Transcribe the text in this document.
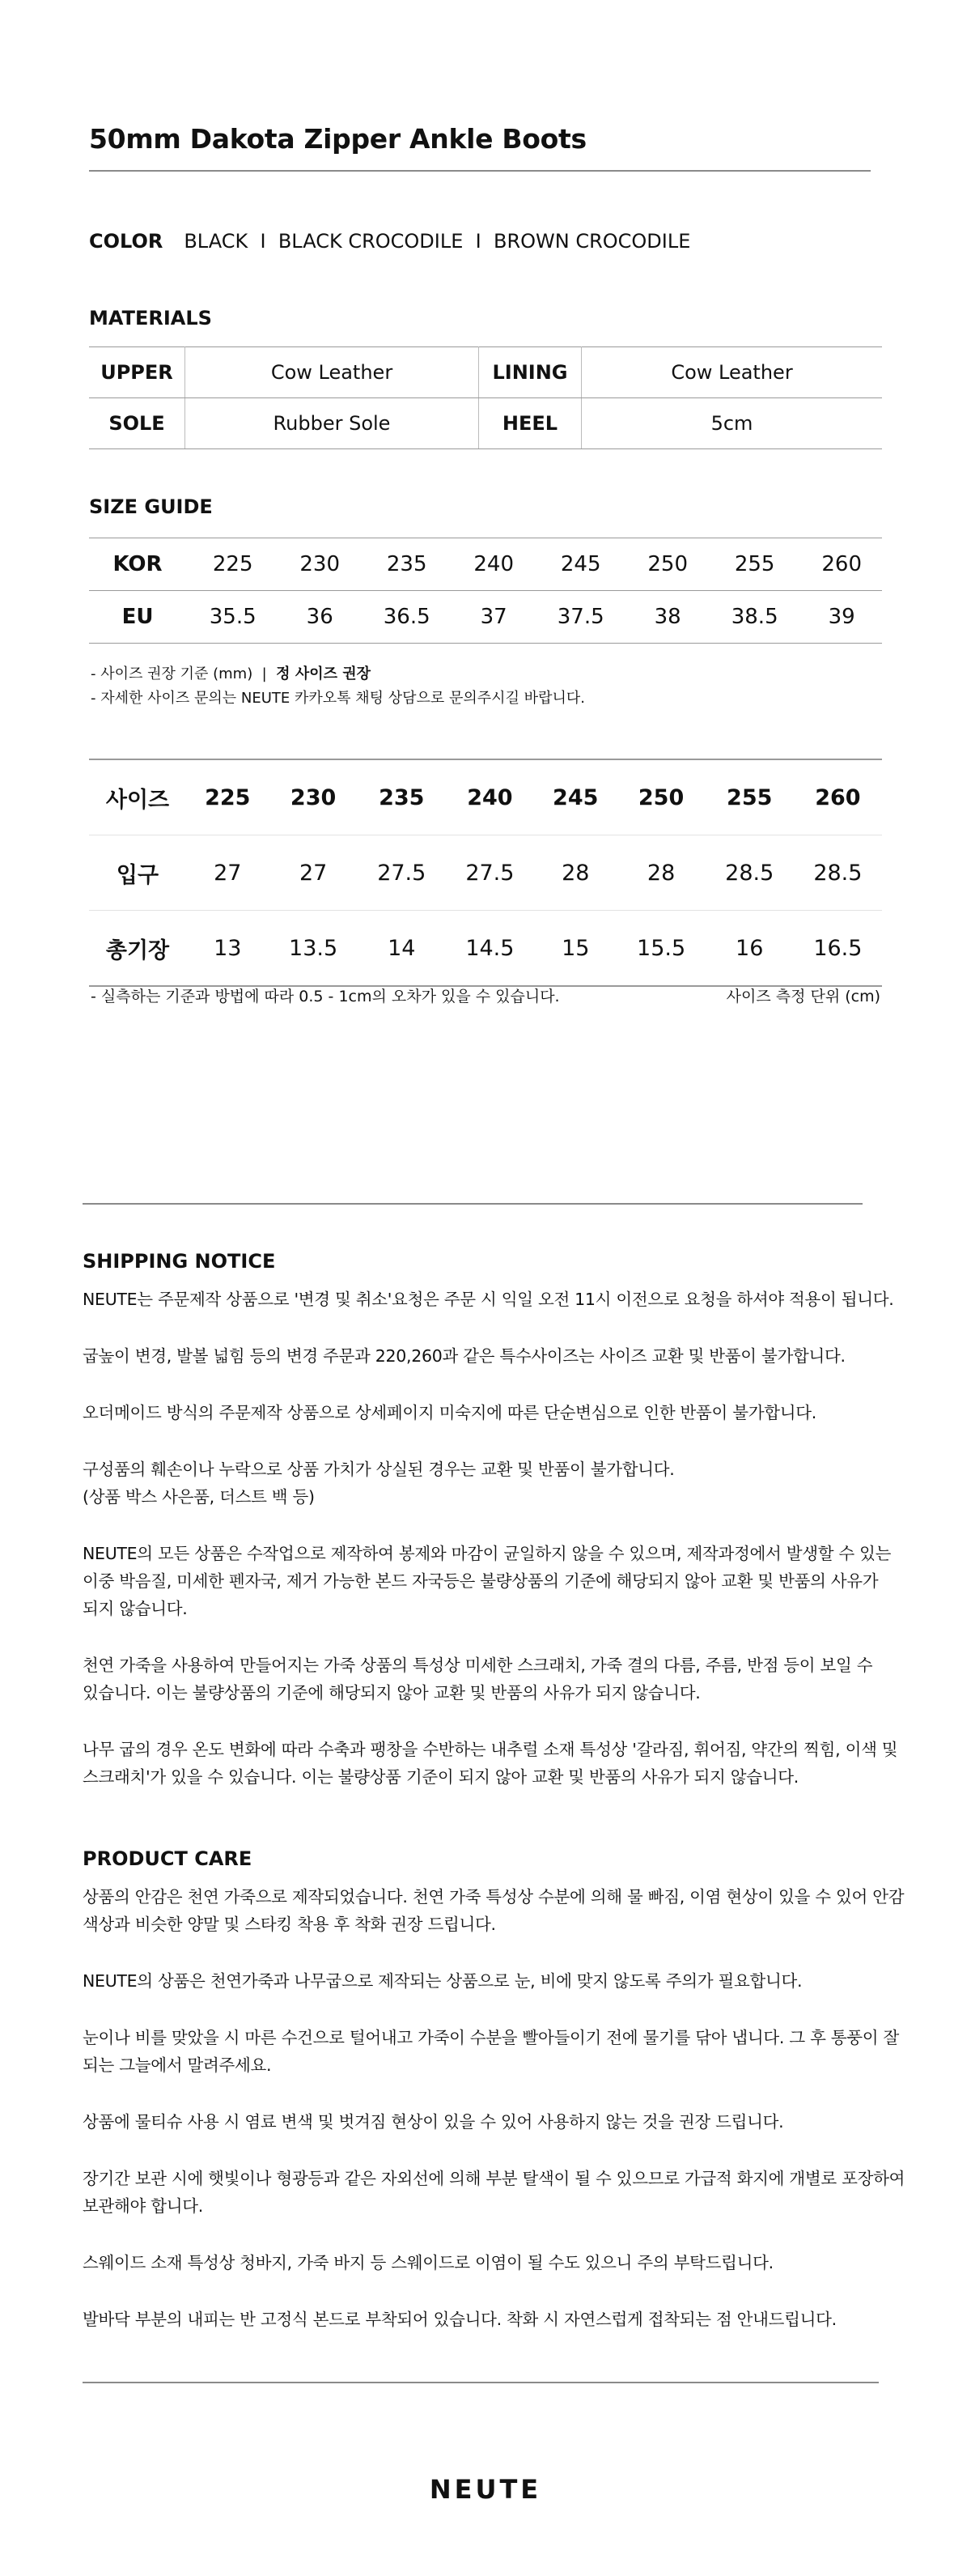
50mm Dakota Zipper Ankle Boots
COLOR BLACK  I  BLACK CROCODILE  I  BROWN CROCODILE
MATERIALS
UPPER	Cow Leather	LINING	Cow Leather
SOLE	Rubber Sole	HEEL	5cm
SIZE GUIDE
KOR	225	230	235	240	245	250	255	260
EU	35.5	36	36.5	37	37.5	38	38.5	39
- 사이즈 권장 기준 (mm)  |  정 사이즈 권장
- 자세한 사이즈 문의는 NEUTE 카카오톡 채팅 상담으로 문의주시길 바랍니다.
사이즈	225	230	235	240	245	250	255	260
입구	27	27	27.5	27.5	28	28	28.5	28.5
총기장	13	13.5	14	14.5	15	15.5	16	16.5
- 실측하는 기준과 방법에 따라 0.5 - 1cm의 오차가 있을 수 있습니다.	사이즈 측정 단위 (cm)
SHIPPING NOTICE
NEUTE는 주문제작 상품으로 '변경 및 취소'요청은 주문 시 익일 오전 11시 이전으로 요청을 하셔야 적용이 됩니다.
굽높이 변경, 발볼 넓힘 등의 변경 주문과 220,260과 같은 특수사이즈는 사이즈 교환 및 반품이 불가합니다.
오더메이드 방식의 주문제작 상품으로 상세페이지 미숙지에 따른 단순변심으로 인한 반품이 불가합니다.
구성품의 훼손이나 누락으로 상품 가치가 상실된 경우는 교환 및 반품이 불가합니다.
(상품 박스 사은품, 더스트 백 등)
NEUTE의 모든 상품은 수작업으로 제작하여 봉제와 마감이 균일하지 않을 수 있으며, 제작과정에서 발생할 수 있는
이중 박음질, 미세한 펜자국, 제거 가능한 본드 자국등은 불량상품의 기준에 해당되지 않아 교환 및 반품의 사유가
되지 않습니다.
천연 가죽을 사용하여 만들어지는 가죽 상품의 특성상 미세한 스크래치, 가죽 결의 다름, 주름, 반점 등이 보일 수
있습니다. 이는 불량상품의 기준에 해당되지 않아 교환 및 반품의 사유가 되지 않습니다.
나무 굽의 경우 온도 변화에 따라 수축과 팽창을 수반하는 내추럴 소재 특성상 '갈라짐, 휘어짐, 약간의 찍힘, 이색 및
스크래치'가 있을 수 있습니다. 이는 불량상품 기준이 되지 않아 교환 및 반품의 사유가 되지 않습니다.
PRODUCT CARE
상품의 안감은 천연 가죽으로 제작되었습니다. 천연 가죽 특성상 수분에 의해 물 빠짐, 이염 현상이 있을 수 있어 안감
색상과 비슷한 양말 및 스타킹 착용 후 착화 권장 드립니다.
NEUTE의 상품은 천연가죽과 나무굽으로 제작되는 상품으로 눈, 비에 맞지 않도록 주의가 필요합니다.
눈이나 비를 맞았을 시 마른 수건으로 털어내고 가죽이 수분을 빨아들이기 전에 물기를 닦아 냅니다. 그 후 통풍이 잘
되는 그늘에서 말려주세요.
상품에 물티슈 사용 시 염료 변색 및 벗겨짐 현상이 있을 수 있어 사용하지 않는 것을 권장 드립니다.
장기간 보관 시에 햇빛이나 형광등과 같은 자외선에 의해 부분 탈색이 될 수 있으므로 가급적 화지에 개별로 포장하여
보관해야 합니다.
스웨이드 소재 특성상 청바지, 가죽 바지 등 스웨이드로 이염이 될 수도 있으니 주의 부탁드립니다.
발바닥 부분의 내피는 반 고정식 본드로 부착되어 있습니다. 착화 시 자연스럽게 접착되는 점 안내드립니다.
NEUTE
